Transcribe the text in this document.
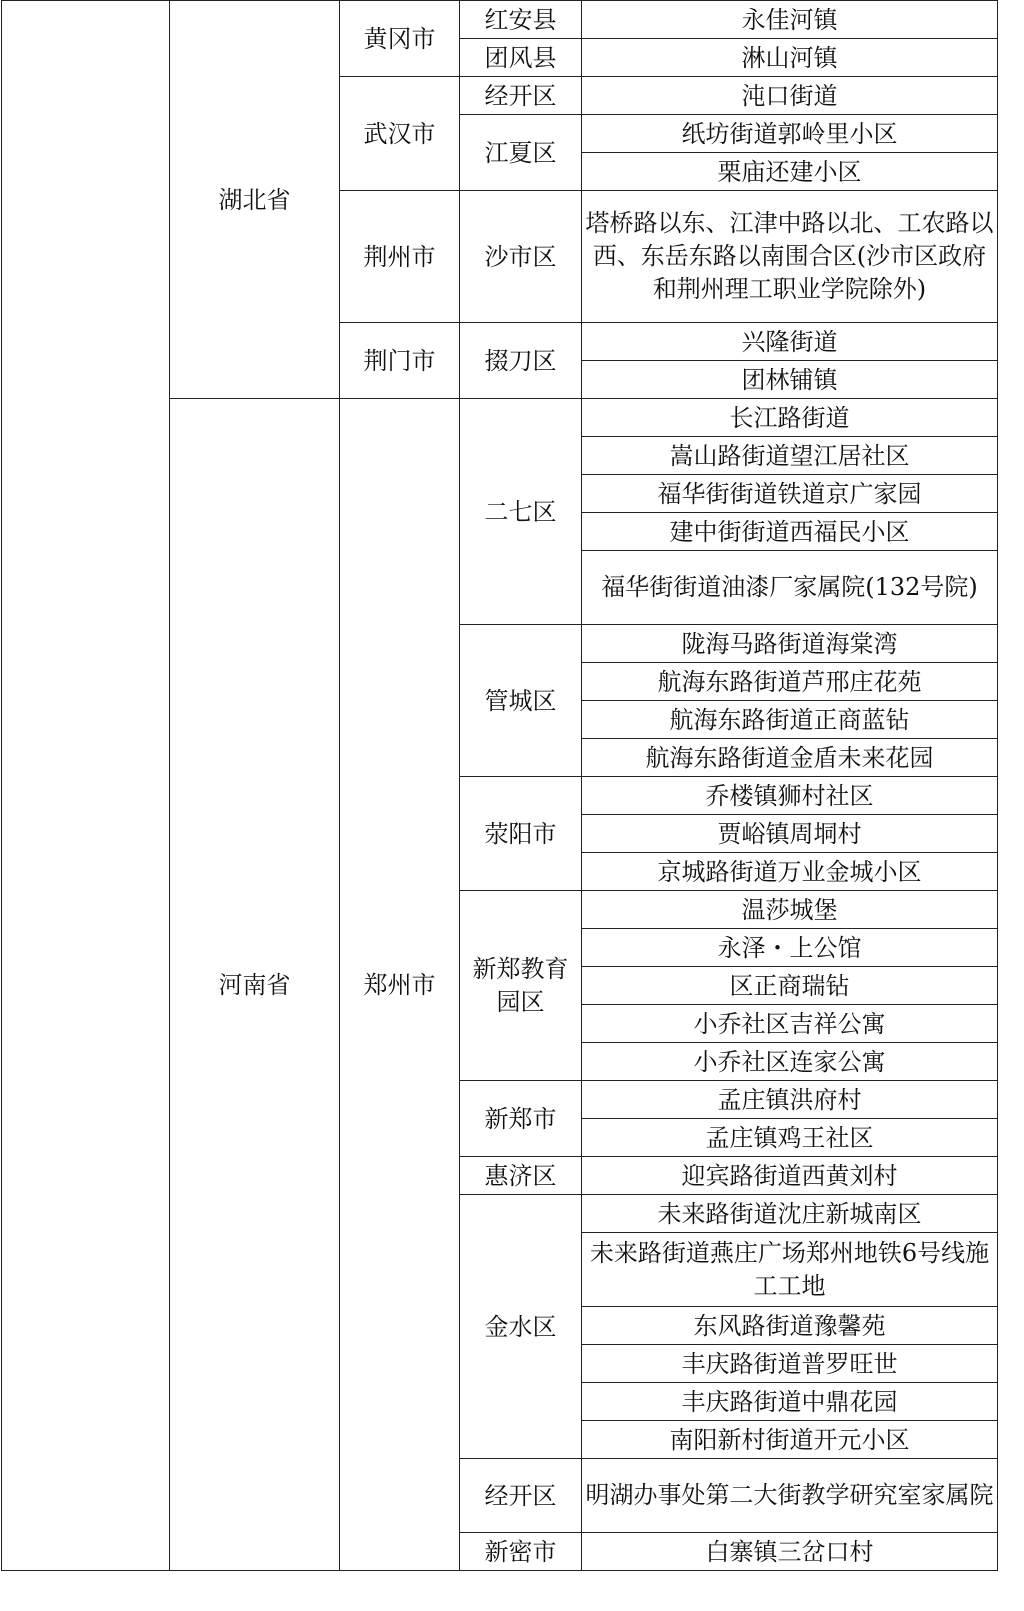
	湖北省	黄冈市	红安县	永佳河镇
			团风县	淋山河镇
		武汉市	经开区	沌口街道
			江夏区	纸坊街道郭岭里小区
				栗庙还建小区
		荆州市	沙市区	塔桥路以东、江津中路以北、工农路以西、东岳东路以南围合区(沙市区政府和荆州理工职业学院除外)
		荆门市	掇刀区	兴隆街道
				团林铺镇
	河南省	郑州市	二七区	长江路街道
				嵩山路街道望江居社区
				福华街街道铁道京广家园
				建中街街道西福民小区
				福华街街道油漆厂家属院(132号院)
			管城区	陇海马路街道海棠湾
				航海东路街道芦邢庄花苑
				航海东路街道正商蓝钻
				航海东路街道金盾未来花园
			荥阳市	乔楼镇狮村社区
				贾峪镇周垌村
				京城路街道万业金城小区
			新郑教育园区	温莎城堡
				永泽・上公馆
				区正商瑞钻
				小乔社区吉祥公寓
				小乔社区连家公寓
			新郑市	孟庄镇洪府村
				孟庄镇鸡王社区
			惠济区	迎宾路街道西黄刘村
			金水区	未来路街道沈庄新城南区
				未来路街道燕庄广场郑州地铁6号线施工工地
				东风路街道豫馨苑
				丰庆路街道普罗旺世
				丰庆路街道中鼎花园
				南阳新村街道开元小区
			经开区	明湖办事处第二大街教学研究室家属院
			新密市	白寨镇三岔口村
